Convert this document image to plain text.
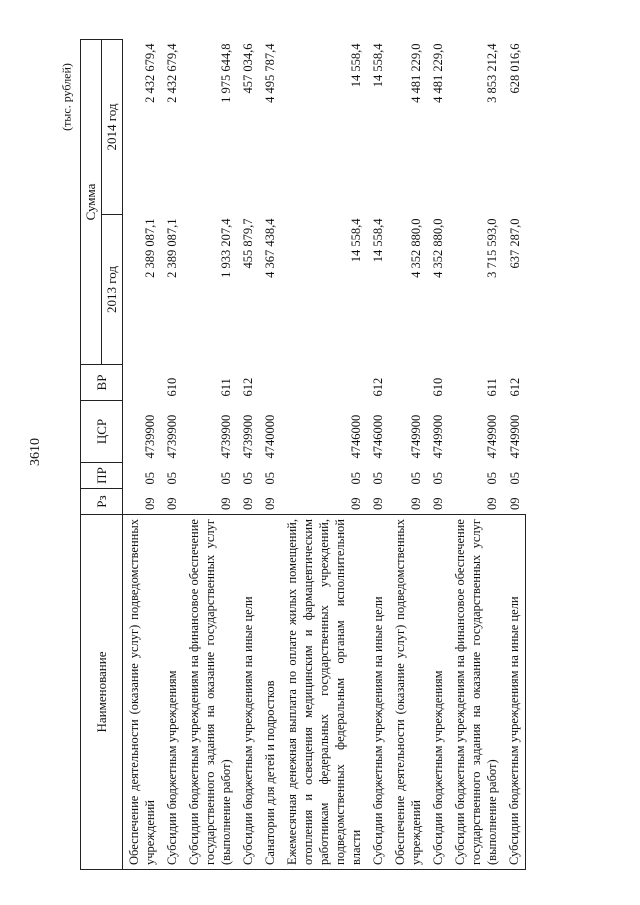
3610
(тыс. рублей)
Наименование	Рз	ПР	ЦСР	ВР	Сумма	
					2013 год	2014 год
Обеспечение деятельности (оказание услуг) подведомственных учреждений	09	05	4739900		2 389 087,1	2 432 679,4
Субсидии бюджетным учреждениям	09	05	4739900	610	2 389 087,1	2 432 679,4
Субсидии бюджетным учреждениям на финансовое обеспечение государственного задания на оказание государственных услуг (выполнение работ)	09	05	4739900	611	1 933 207,4	1 975 644,8
Субсидии бюджетным учреждениям на иные цели	09	05	4739900	612	455 879,7	457 034,6
Санатории для детей и подростков	09	05	4740000		4 367 438,4	4 495 787,4
Ежемесячная денежная выплата по оплате жилых помещений, отопления и освещения медицинским и фармацевтическим работникам федеральных государственных учреждений, подведомственных федеральным органам исполнительной власти	09	05	4746000		14 558,4	14 558,4
Субсидии бюджетным учреждениям на иные цели	09	05	4746000	612	14 558,4	14 558,4
Обеспечение деятельности (оказание услуг) подведомственных учреждений	09	05	4749900		4 352 880,0	4 481 229,0
Субсидии бюджетным учреждениям	09	05	4749900	610	4 352 880,0	4 481 229,0
Субсидии бюджетным учреждениям на финансовое обеспечение государственного задания на оказание государственных услуг (выполнение работ)	09	05	4749900	611	3 715 593,0	3 853 212,4
Субсидии бюджетным учреждениям на иные цели	09	05	4749900	612	637 287,0	628 016,6
